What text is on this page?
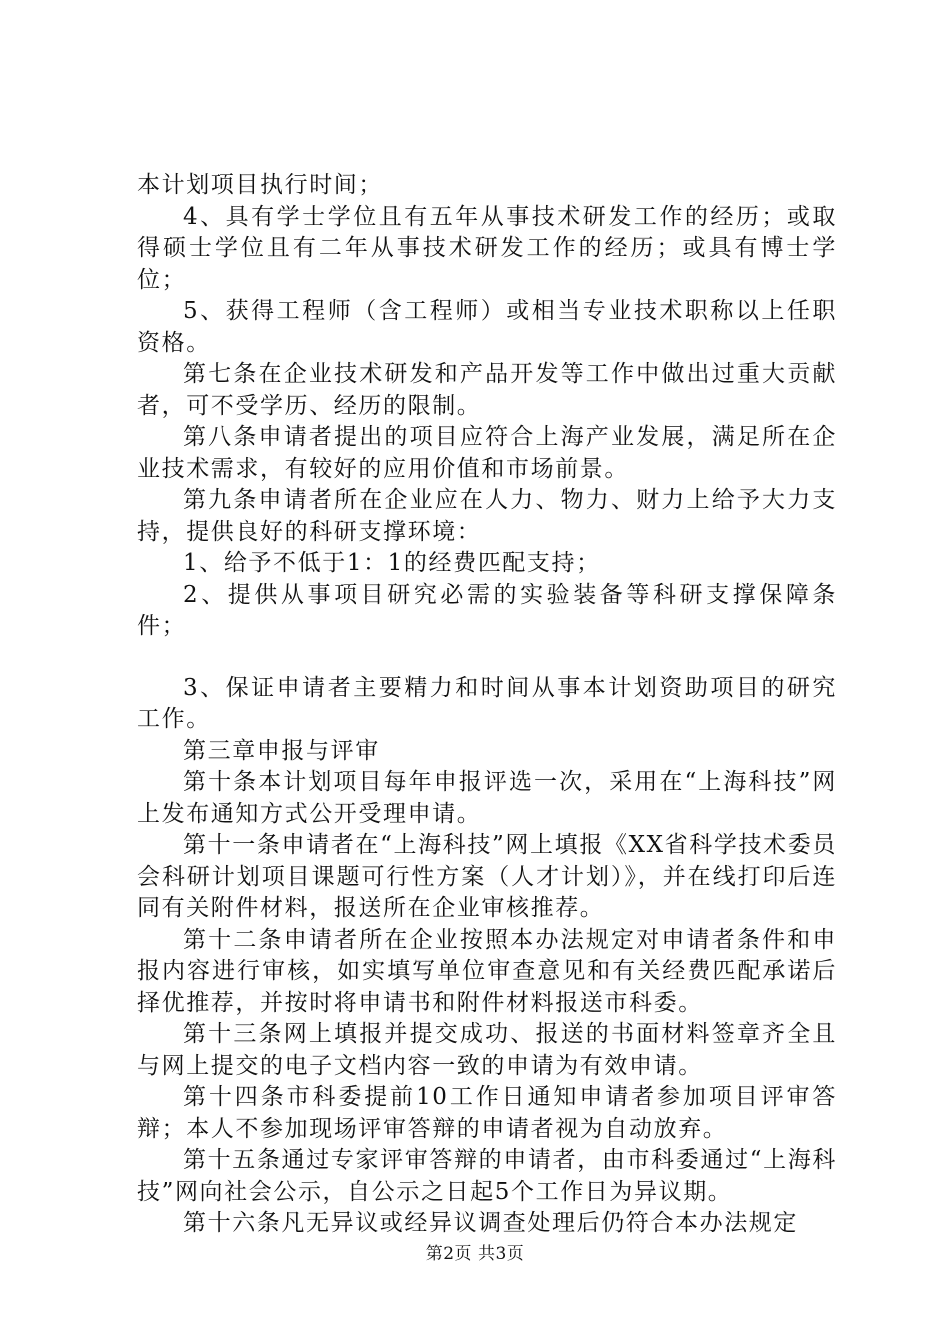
本计划项目执行时间；

4、具有学士学位且有五年从事技术研发工作的经历；或取得硕士学位且有二年从事技术研发工作的经历；或具有博士学位；

5、获得工程师（含工程师）或相当专业技术职称以上任职资格。

第七条在企业技术研发和产品开发等工作中做出过重大贡献者，可不受学历、经历的限制。

第八条申请者提出的项目应符合上海产业发展，满足所在企业技术需求，有较好的应用价值和市场前景。

第九条申请者所在企业应在人力、物力、财力上给予大力支持，提供良好的科研支撑环境：

1、给予不低于1：1的经费匹配支持；

2、提供从事项目研究必需的实验装备等科研支撑保障条件；

3、保证申请者主要精力和时间从事本计划资助项目的研究工作。

第三章申报与评审

第十条本计划项目每年申报评选一次，采用在“上海科技”网上发布通知方式公开受理申请。

第十一条申请者在“上海科技”网上填报《XX省科学技术委员会科研计划项目课题可行性方案（人才计划）》，并在线打印后连同有关附件材料，报送所在企业审核推荐。

第十二条申请者所在企业按照本办法规定对申请者条件和申报内容进行审核，如实填写单位审查意见和有关经费匹配承诺后择优推荐，并按时将申请书和附件材料报送市科委。

第十三条网上填报并提交成功、报送的书面材料签章齐全且与网上提交的电子文档内容一致的申请为有效申请。

第十四条市科委提前10工作日通知申请者参加项目评审答辩；本人不参加现场评审答辩的申请者视为自动放弃。

第十五条通过专家评审答辩的申请者，由市科委通过“上海科技”网向社会公示，自公示之日起5个工作日为异议期。

第十六条凡无异议或经异议调查处理后仍符合本办法规定

第2页 共3页
